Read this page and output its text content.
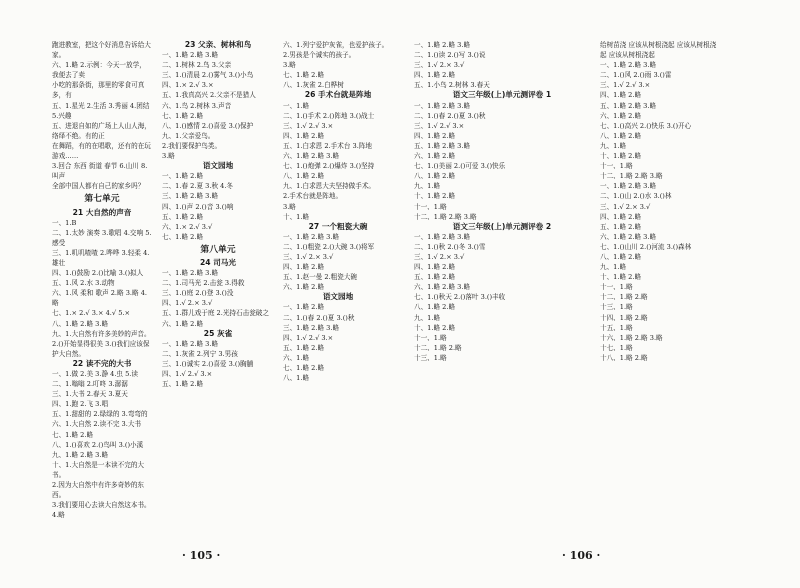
跑进教室，把这个好消息告诉给大家。

六、1.略 2.示例：今天一放学，我便去了卖

小吃的那条街，那里的零食可真多，有

五、1.星光 2.生活 3.秀丽 4.团结 5.兴趣

五、进退自如的广场上人山人海，络绎不绝。有的正

在舞蹈，有的在唱歌，还有的在玩游戏……

3.回合 东西 街道 春节 6.山川 8.叫声

全部中国人都有自己的家乡吗？

第七单元

21 大自然的声音

一、1.B

二、1.太妙 演奏 3.歌唱 4.交响 5.感受

三、1.叽叽喳喳 2.哗哗 3.轻柔 4.雄壮

四、1.()鼓励 2.()比喻 3.()拟人

五、1.风 2.水 3.动物

六、1.风 柔和 歌声 2.略 3.略 4.略

七、1.× 2.√ 3.× 4.√ 5.×

八、1.略 2.略 3.略

九、1.大自然有许多美妙的声音。

2.()开始显得很美 3.()我们应该保护大自然。

22 读不完的大书

一、1.做 2.美 3.静 4.虫 5.读

二、1.嗡嗡 2.叮咚 3.潺潺

三、1.大书 2.春天 3.夏天

四、1.跑 2.飞 3.唱

五、1.甜甜的 2.绿绿的 3.弯弯的

六、1.大自然 2.读不完 3.大书

七、1.略 2.略

八、1.()喜欢 2.()鸟叫 3.()小溪

九、1.略 2.略 3.略

十、1.大自然是一本读不完的大书。

2.因为大自然中有许多奇妙的东西。

3.我们要用心去读大自然这本书。

4.略

23 父亲、树林和鸟

一、1.略 2.略 3.略

二、1.树林 2.鸟 3.父亲

三、1.()清晨 2.()雾气 3.()小鸟

四、1.× 2.√ 3.×

五、1.我真高兴 2.父亲不是猎人

六、1.鸟 2.树林 3.声音

七、1.略 2.略

八、1.()感情 2.()喜爱 3.()保护

九、1.父亲爱鸟。

2.我们要保护鸟类。

3.略

语文园地

一、1.略 2.略

二、1.春 2.夏 3.秋 4.冬

三、1.略 2.略 3.略

四、1.()声 2.()音 3.()响

五、1.略 2.略

六、1.× 2.√ 3.√

七、1.略 2.略

第八单元

24 司马光

一、1.略 2.略 3.略

二、1.司马光 2.击瓮 3.得救

三、1.()庭 2.()登 3.()没

四、1.√ 2.× 3.√

五、1.群儿戏于庭 2.光持石击瓮破之

六、1.略 2.略

25 灰雀

一、1.略 2.略 3.略

二、1.灰雀 2.列宁 3.男孩

三、1.()诚实 2.()喜爱 3.()胸脯

四、1.√ 2.√ 3.×

五、1.略 2.略

六、1.列宁爱护灰雀，也爱护孩子。

2.男孩是个诚实的孩子。

3.略

七、1.略 2.略

八、1.灰雀 2.白桦树

26 手术台就是阵地

一、1.略

二、1.()手术 2.()阵地 3.()战士

三、1.√ 2.√ 3.×

四、1.略 2.略

五、1.白求恩 2.手术台 3.阵地

六、1.略 2.略 3.略

七、1.()炮弹 2.()爆炸 3.()坚持

八、1.略 2.略

九、1.白求恩大夫坚持做手术。

2.手术台就是阵地。

3.略

十、1.略

27 一个粗瓷大碗

一、1.略 2.略 3.略

二、1.()粗瓷 2.()大碗 3.()将军

三、1.√ 2.× 3.√

四、1.略 2.略

五、1.赵一曼 2.粗瓷大碗

六、1.略 2.略

语文园地

一、1.略 2.略

二、1.()春 2.()夏 3.()秋

三、1.略 2.略 3.略

四、1.√ 2.√ 3.×

五、1.略 2.略

六、1.略

七、1.略 2.略

八、1.略

· 105 ·

一、1.略 2.略 3.略

二、1.()读 2.()写 3.()说

三、1.√ 2.× 3.√

四、1.略 2.略

五、1.小鸟 2.树林 3.春天

语文三年级(上)单元测评卷 1

一、1.略 2.略 3.略

二、1.()春 2.()夏 3.()秋

三、1.√ 2.√ 3.×

四、1.略 2.略

五、1.略 2.略 3.略

六、1.略 2.略

七、1.()美丽 2.()可爱 3.()快乐

八、1.略 2.略

九、1.略

十、1.略 2.略

十一、1.略

十二、1.略 2.略 3.略

语文三年级(上)单元测评卷 2

一、1.略 2.略 3.略

二、1.()秋 2.()冬 3.()雪

三、1.√ 2.× 3.√

四、1.略 2.略

五、1.略 2.略

六、1.略 2.略 3.略

七、1.()秋天 2.()落叶 3.()丰收

八、1.略 2.略

九、1.略

十、1.略 2.略

十一、1.略

十二、1.略 2.略

十三、1.略

给树苗浇 应该从树根浇起 应该从树根浇

起 应该从树根浇起

一、1.略 2.略 3.略

二、1.()风 2.()雨 3.()雷

三、1.√ 2.√ 3.×

四、1.略 2.略

五、1.略 2.略 3.略

六、1.略 2.略

七、1.()高兴 2.()快乐 3.()开心

八、1.略 2.略

九、1.略

十、1.略 2.略

十一、1.略

十二、1.略 2.略 3.略

一、1.略 2.略 3.略

二、1.()山 2.()水 3.()林

三、1.√ 2.× 3.√

四、1.略 2.略

五、1.略 2.略

六、1.略 2.略 3.略

七、1.()山川 2.()河流 3.()森林

八、1.略 2.略

九、1.略

十、1.略 2.略

十一、1.略

十二、1.略 2.略

十三、1.略

十四、1.略 2.略

十五、1.略

十六、1.略 2.略 3.略

十七、1.略

十八、1.略 2.略

· 106 ·
